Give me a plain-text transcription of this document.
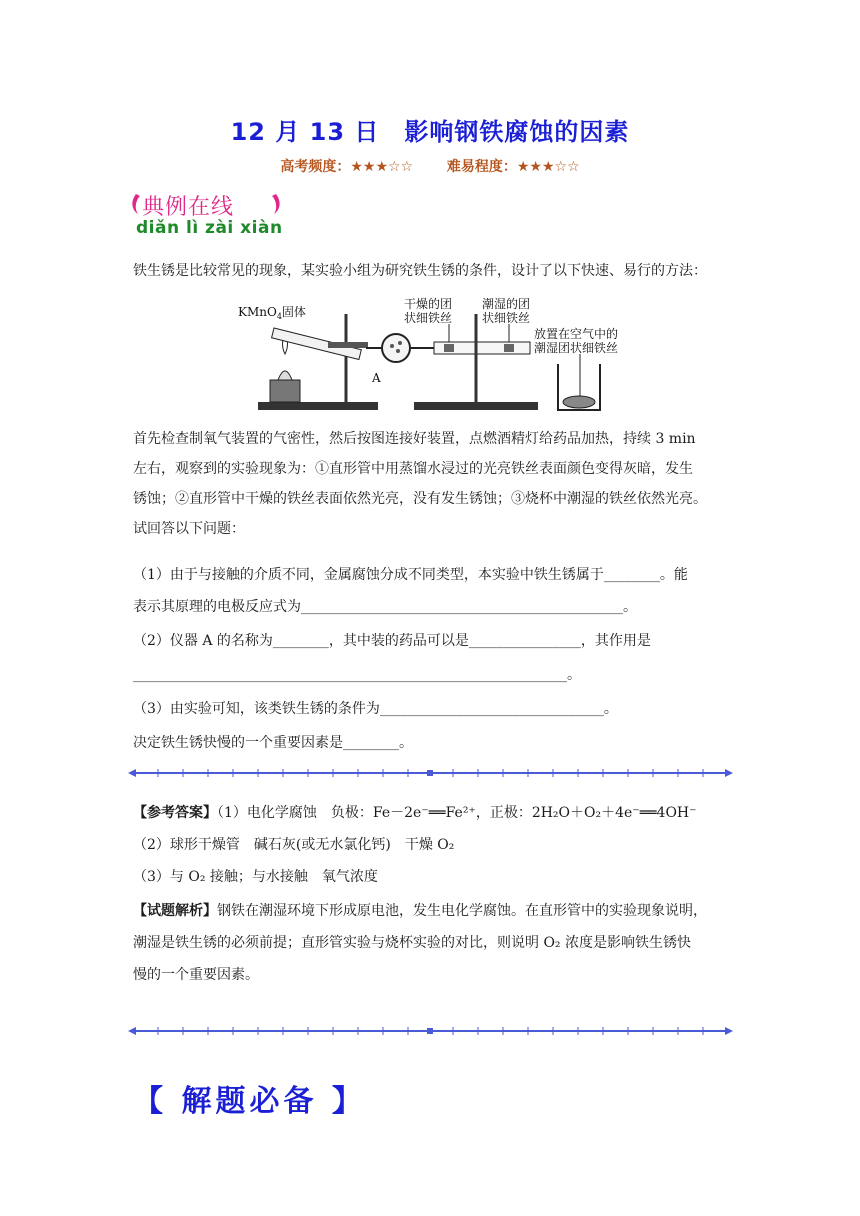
12 月 13 日　影响钢铁腐蚀的因素
高考频度：★★★☆☆ 难易程度：★★★☆☆
典例在线
diǎn lì zài xiàn
铁生锈是比较常见的现象，某实验小组为研究铁生锈的条件，设计了以下快速、易行的方法：
KMnO$_4$固体
A
干燥的团
状细铁丝
潮湿的团
状细铁丝
放置在空气中的
潮湿团状细铁丝
首先检查制氧气装置的气密性，然后按图连接好装置，点燃酒精灯给药品加热，持续 3 min
左右，观察到的实验现象为：①直形管中用蒸馏水浸过的光亮铁丝表面颜色变得灰暗，发生
锈蚀；②直形管中干燥的铁丝表面依然光亮，没有发生锈蚀；③烧杯中潮湿的铁丝依然光亮。
试回答以下问题：
（1）由于与接触的介质不同，金属腐蚀分成不同类型，本实验中铁生锈属于________。能
表示其原理的电极反应式为______________________________________________。
（2）仪器 A 的名称为________，其中装的药品可以是________________，其作用是
______________________________________________________________。
（3）由实验可知，该类铁生锈的条件为________________________________。
决定铁生锈快慢的一个重要因素是________。
【参考答案】（1）电化学腐蚀　负极：Fe－2e⁻══Fe²⁺，正极：2H₂O＋O₂＋4e⁻══4OH⁻
（2）球形干燥管　碱石灰(或无水氯化钙)　干燥 O₂
（3）与 O₂ 接触；与水接触　氧气浓度
【试题解析】钢铁在潮湿环境下形成原电池，发生电化学腐蚀。在直形管中的实验现象说明，
潮湿是铁生锈的必须前提；直形管实验与烧杯实验的对比，则说明 O₂ 浓度是影响铁生锈快
慢的一个重要因素。
【 解题必备 】
